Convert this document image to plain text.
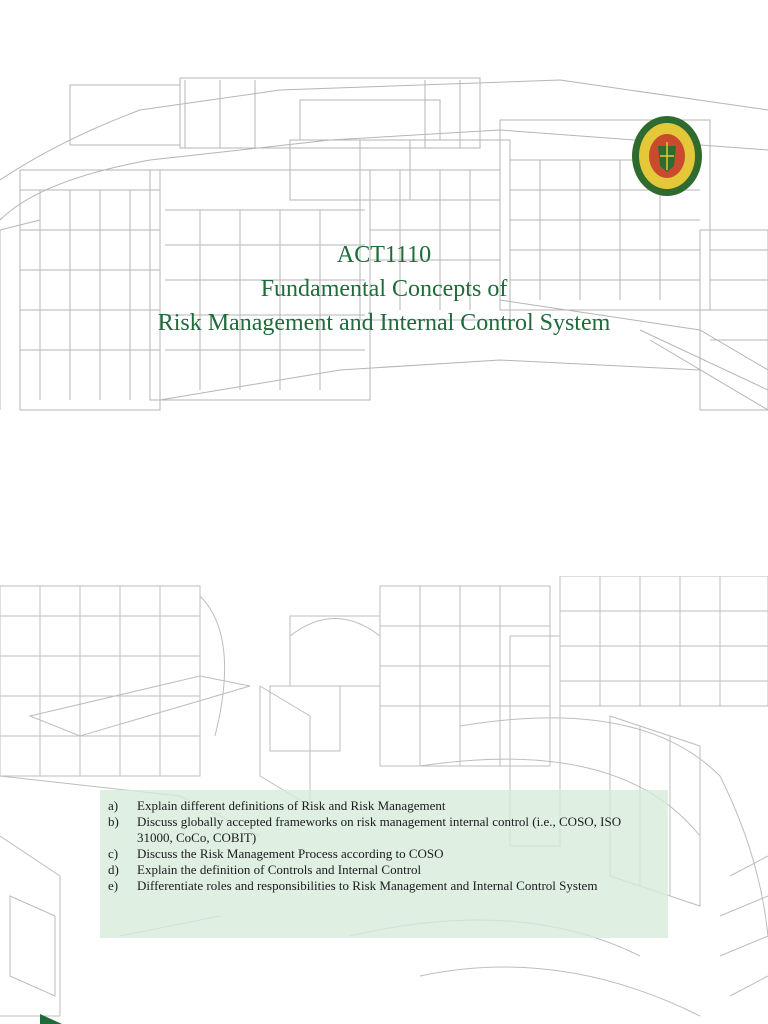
ACT1110
Fundamental Concepts of
Risk Management and Internal Control System
a) Explain different definitions of Risk and Risk Management
b) Discuss globally accepted frameworks on risk management internal control (i.e., COSO, ISO 31000, CoCo, COBIT)
c) Discuss the Risk Management Process according to COSO
d) Explain the definition of Controls and Internal Control
e) Differentiate roles and responsibilities to Risk Management and Internal Control System
